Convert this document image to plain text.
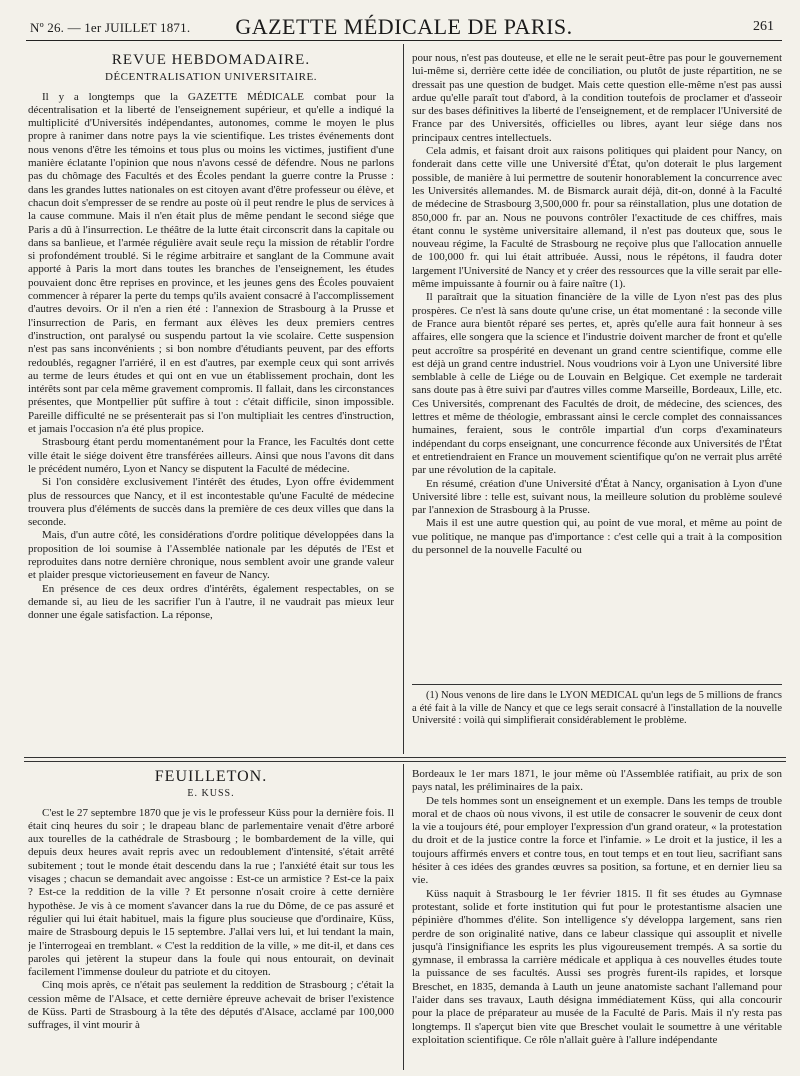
Nº 26. — 1er JUILLET 1871.	GAZETTE MÉDICALE DE PARIS.	261
REVUE HEBDOMADAIRE.
DÉCENTRALISATION UNIVERSITAIRE.

Il y a longtemps que la GAZETTE MÉDICALE combat pour la décentralisation et la liberté de l'enseignement supérieur, et qu'elle a indiqué la multiplicité d'Universités indépendantes, autonomes, comme le moyen le plus propre à ranimer dans notre pays la vie scientifique. Les tristes événements dont nous venons d'être les témoins et tous plus ou moins les victimes, justifient d'une manière éclatante l'opinion que nous n'avons cessé de défendre. Nous ne parlons pas du chômage des Facultés et des Écoles pendant la guerre contre la Prusse : dans les grandes luttes nationales on est citoyen avant d'être professeur ou élève, et chacun doit s'empresser de se rendre au poste où il peut rendre le plus de services à la cause commune. Mais il n'en était plus de même pendant le second siége que Paris a dû à l'insurrection. Le théâtre de la lutte était circonscrit dans la capitale ou dans sa banlieue, et l'armée régulière avait seule reçu la mission de rétablir l'ordre si profondément troublé. Si le régime arbitraire et sanglant de la Commune avait apporté à Paris la mort dans toutes les branches de l'enseignement, les études pouvaient donc être reprises en province, et les jeunes gens des Écoles pouvaient commencer à réparer la perte du temps qu'ils avaient consacré à l'accomplissement d'autres devoirs. Or il n'en a rien été : l'annexion de Strasbourg à la Prusse et l'insurrection de Paris, en fermant aux élèves les deux premiers centres d'instruction, ont paralysé ou suspendu partout la vie scolaire. Cette suspension n'est pas sans inconvénients ; si bon nombre d'étudiants peuvent, par des efforts redoublés, regagner l'arriéré, il en est d'autres, par exemple ceux qui sont arrivés au terme de leurs études et qui ont en vue un établissement prochain, dont les intérêts sont par cela même gravement compromis. Il fallait, dans les circonstances présentes, que Montpellier pût suffire à tout : c'était difficile, sinon impossible. Pareille difficulté ne se présenterait pas si l'on multipliait les centres d'instruction, et jamais l'occasion n'a été plus propice.

Strasbourg étant perdu momentanément pour la France, les Facultés dont cette ville était le siége doivent être transférées ailleurs. Ainsi que nous l'avons dit dans le précédent numéro, Lyon et Nancy se disputent la Faculté de médecine.

Si l'on considère exclusivement l'intérêt des études, Lyon offre évidemment plus de ressources que Nancy, et il est incontestable qu'une Faculté de médecine trouvera plus d'éléments de succès dans la première de ces deux villes que dans la seconde.

Mais, d'un autre côté, les considérations d'ordre politique développées dans la proposition de loi soumise à l'Assemblée nationale par les députés de l'Est et reproduites dans notre dernière chronique, nous semblent avoir une grande valeur et plaider presque victorieusement en faveur de Nancy.

En présence de ces deux ordres d'intérêts, également respectables, on se demande si, au lieu de les sacrifier l'un à l'autre, il ne vaudrait pas mieux leur donner une égale satisfaction. La réponse,

pour nous, n'est pas douteuse, et elle ne le serait peut-être pas pour le gouvernement lui-même si, derrière cette idée de conciliation, ou plutôt de juste répartition, ne se dressait pas une question de budget. Mais cette question elle-même n'est pas aussi ardue qu'elle paraît tout d'abord, à la condition toutefois de proclamer et d'asseoir sur des bases définitives la liberté de l'enseignement, et de remplacer l'Université de France par des Universités, officielles ou libres, ayant leur siége dans nos principaux centres intellectuels.

Cela admis, et faisant droit aux raisons politiques qui plaident pour Nancy, on fonderait dans cette ville une Université d'État, qu'on doterait le plus largement possible, de manière à lui permettre de soutenir honorablement la concurrence avec les Universités allemandes. M. de Bismarck aurait déjà, dit-on, donné à la Faculté de médecine de Strasbourg 3,500,000 fr. pour sa réinstallation, plus une dotation de 850,000 fr. par an. Nous ne pouvons contrôler l'exactitude de ces chiffres, mais étant connu le système universitaire allemand, il n'est pas douteux que, sous le nouveau régime, la Faculté de Strasbourg ne reçoive plus que l'allocation annuelle de 100,000 fr. qui lui était attribuée. Aussi, nous le répétons, il faudra doter largement l'Université de Nancy et y créer des ressources que la ville serait par elle-même impuissante à fournir ou à faire naître (1).

Il paraîtrait que la situation financière de la ville de Lyon n'est pas des plus prospères. Ce n'est là sans doute qu'une crise, un état momentané : la seconde ville de France aura bientôt réparé ses pertes, et, après qu'elle aura fait honneur à ses affaires, elle songera que la science et l'industrie doivent marcher de front et qu'elle peut accroître sa prospérité en devenant un grand centre scientifique, comme elle est déjà un grand centre industriel. Nous voudrions voir à Lyon une Université libre semblable à celle de Liége ou de Louvain en Belgique. Cet exemple ne tarderait sans doute pas à être suivi par d'autres villes comme Marseille, Bordeaux, Lille, etc. Ces Universités, comprenant des Facultés de droit, de médecine, des sciences, des lettres et même de théologie, embrassant ainsi le cercle complet des connaissances humaines, feraient, sous le contrôle impartial d'un corps d'examinateurs indépendant du corps enseignant, une concurrence féconde aux Universités de l'État et entretiendraient en France un mouvement scientifique qu'on ne verrait plus arrêté par une révolution de la capitale.

En résumé, création d'une Université d'État à Nancy, organisation à Lyon d'une Université libre : telle est, suivant nous, la meilleure solution du problème soulevé par l'annexion de Strasbourg à la Prusse.

Mais il est une autre question qui, au point de vue moral, et même au point de vue politique, ne manque pas d'importance : c'est celle qui a trait à la composition du personnel de la nouvelle Faculté ou

(1) Nous venons de lire dans le LYON MÉDICAL qu'un legs de 5 millions de francs a été fait à la ville de Nancy et que ce legs serait consacré à l'installation de la nouvelle Université : voilà qui simplifierait considérablement le problème.

FEUILLETON.
E. KUSS.

C'est le 27 septembre 1870 que je vis le professeur Küss pour la dernière fois. Il était cinq heures du soir ; le drapeau blanc de parlementaire venait d'être arboré aux tourelles de la cathédrale de Strasbourg ; le bombardement de la ville, qui depuis deux heures avait repris avec un redoublement d'intensité, s'était arrêté subitement ; tout le monde était descendu dans la rue ; l'anxiété était sur tous les visages ; chacun se demandait avec angoisse : Est-ce un armistice ? Est-ce la paix ? Est-ce la reddition de la ville ? Et personne n'osait croire à cette dernière hypothèse. Je vis à ce moment s'avancer dans la rue du Dôme, de ce pas assuré et régulier qui lui était habituel, mais la figure plus soucieuse que d'ordinaire, Küss, maire de Strasbourg depuis le 15 septembre. J'allai vers lui, et lui tendant la main, je l'interrogeai en tremblant. « C'est la reddition de la ville, » me dit-il, et dans ces paroles qui jetèrent la stupeur dans la foule qui nous entourait, on devinait facilement l'immense douleur du patriote et du citoyen.

Cinq mois après, ce n'était pas seulement la reddition de Strasbourg ; c'était la cession même de l'Alsace, et cette dernière épreuve achevait de briser l'existence de Küss. Parti de Strasbourg à la tête des députés d'Alsace, acclamé par 100,000 suffrages, il vint mourir à

Bordeaux le 1er mars 1871, le jour même où l'Assemblée ratifiait, au prix de son pays natal, les préliminaires de la paix.

De tels hommes sont un enseignement et un exemple. Dans les temps de trouble moral et de chaos où nous vivons, il est utile de consacrer le souvenir de ceux dont la vie a toujours été, pour employer l'expression d'un grand orateur, « la protestation du droit et de la justice contre la force et l'infamie. » Le droit et la justice, il les a toujours affirmés envers et contre tous, en tout temps et en tout lieu, sacrifiant sans hésiter à ces idées des grandes œuvres sa position, sa fortune, et en dernier lieu sa vie.

Küss naquit à Strasbourg le 1er février 1815. Il fit ses études au Gymnase protestant, solide et forte institution qui fut pour le protestantisme alsacien une pépinière d'hommes d'élite. Son intelligence s'y développa largement, sans rien perdre de son originalité native, dans ce labeur classique qui assouplit et nivelle jusqu'à l'insignifiance les esprits les plus vigoureusement trempés. A sa sortie du gymnase, il embrassa la carrière médicale et appliqua à ces nouvelles études toute la puissance de ses facultés. Aussi ses progrès furent-ils rapides, et lorsque Breschet, en 1835, demanda à Lauth un jeune anatomiste sachant l'allemand pour l'aider dans ses travaux, Lauth désigna immédiatement Küss, qui alla concourir pour la place de préparateur au musée de la Faculté de Paris. Mais il n'y resta pas longtemps. Il s'aperçut bien vite que Breschet voulait le soumettre à une véritable exploitation scientifique. Ce rôle n'allait guère à l'allure indépendante
